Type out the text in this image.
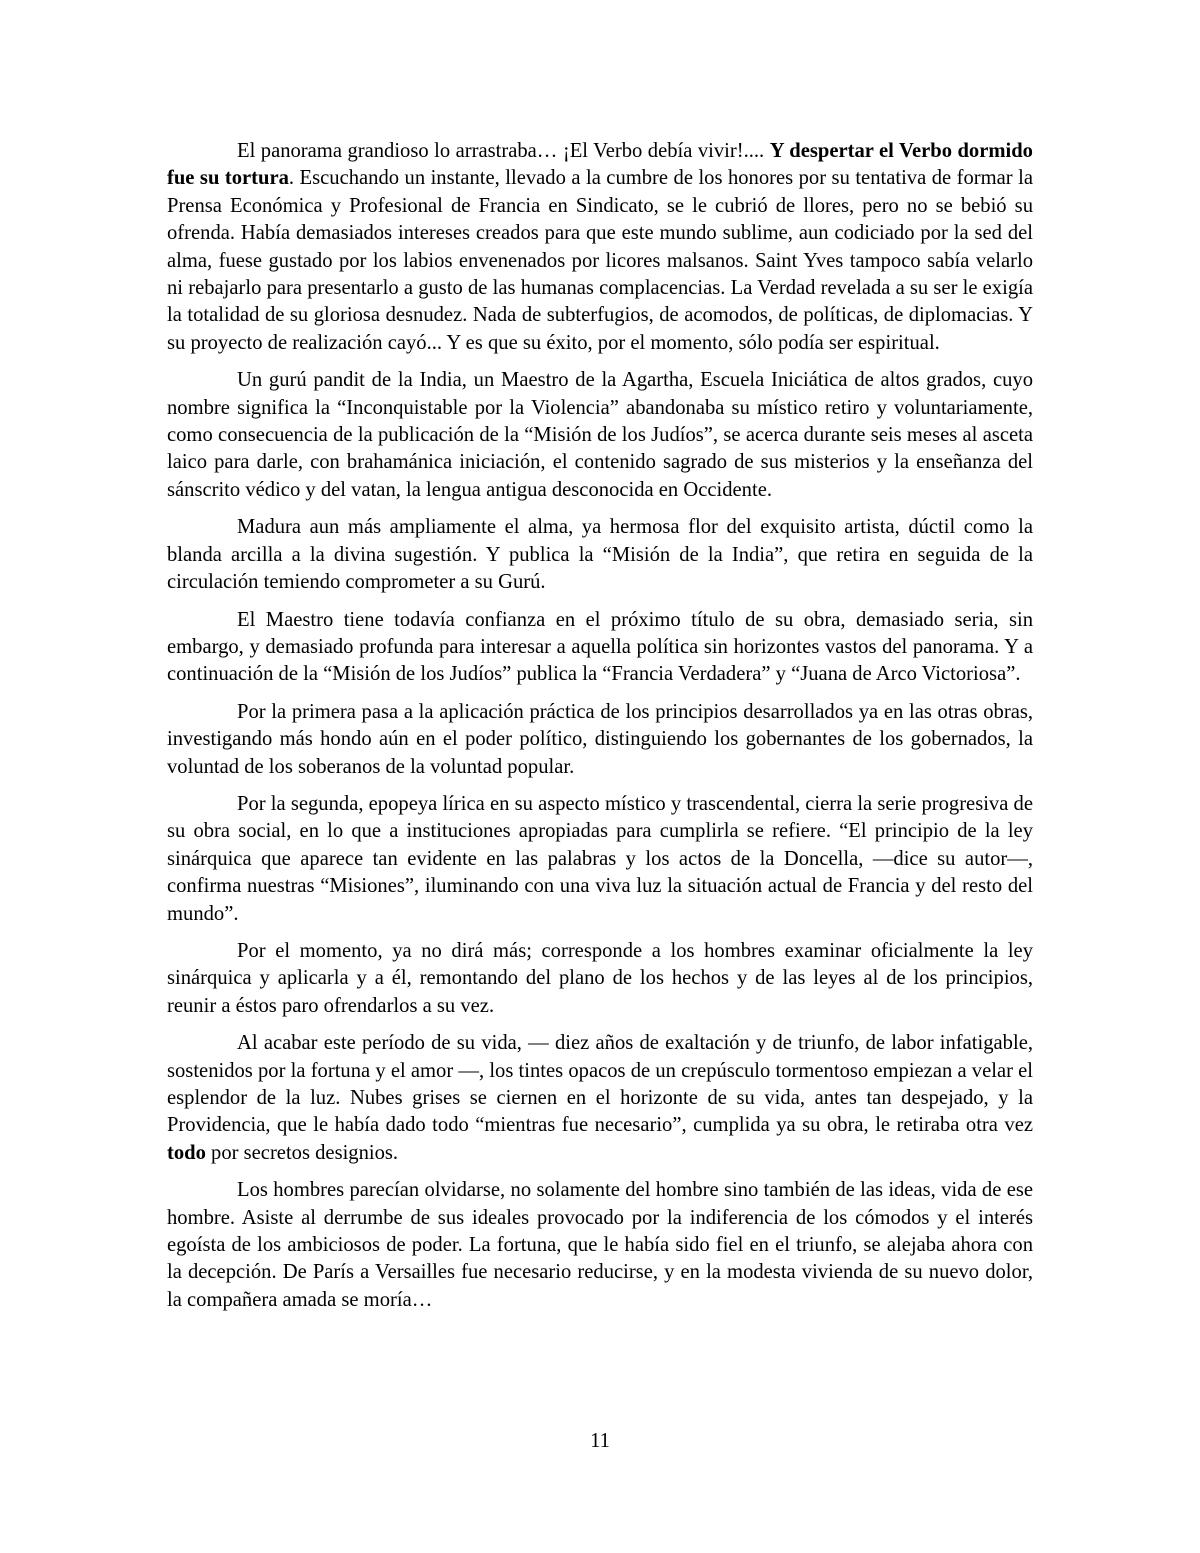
El panorama grandioso lo arrastraba… ¡El Verbo debía vivir!.... Y despertar el Verbo dormido fue su tortura. Escuchando un instante, llevado a la cumbre de los honores por su tentativa de formar la Prensa Económica y Profesional de Francia en Sindicato, se le cubrió de llores, pero no se bebió su ofrenda. Había demasiados intereses creados para que este mundo sublime, aun codiciado por la sed del alma, fuese gustado por los labios envenenados por licores malsanos. Saint Yves tampoco sabía velarlo ni rebajarlo para presentarlo a gusto de las humanas complacencias. La Verdad revelada a su ser le exigía la totalidad de su gloriosa desnudez. Nada de subterfugios, de acomodos, de políticas, de diplomacias. Y su proyecto de realización cayó... Y es que su éxito, por el momento, sólo podía ser espiritual.

Un gurú pandit de la India, un Maestro de la Agartha, Escuela Iniciática de altos grados, cuyo nombre significa la “Inconquistable por la Violencia” abandonaba su místico retiro y voluntariamente, como consecuencia de la publicación de la “Misión de los Judíos”, se acerca durante seis meses al asceta laico para darle, con brahamánica iniciación, el contenido sagrado de sus misterios y la enseñanza del sánscrito védico y del vatan, la lengua antigua desconocida en Occidente.

Madura aun más ampliamente el alma, ya hermosa flor del exquisito artista, dúctil como la blanda arcilla a la divina sugestión. Y publica la “Misión de la India”, que retira en seguida de la circulación temiendo comprometer a su Gurú.

El Maestro tiene todavía confianza en el próximo título de su obra, demasiado seria, sin embargo, y demasiado profunda para interesar a aquella política sin horizontes vastos del panorama. Y a continuación de la “Misión de los Judíos” publica la “Francia Verdadera” y “Juana de Arco Victoriosa”.

Por la primera pasa a la aplicación práctica de los principios desarrollados ya en las otras obras, investigando más hondo aún en el poder político, distinguiendo los gobernantes de los gobernados, la voluntad de los soberanos de la voluntad popular.

Por la segunda, epopeya lírica en su aspecto místico y trascendental, cierra la serie progresiva de su obra social, en lo que a instituciones apropiadas para cumplirla se refiere. “El principio de la ley sinárquica que aparece tan evidente en las palabras y los actos de la Doncella, —dice su autor—, confirma nuestras “Misiones”, iluminando con una viva luz la situación actual de Francia y del resto del mundo”.

Por el momento, ya no dirá más; corresponde a los hombres examinar oficialmente la ley sinárquica y aplicarla y a él, remontando del plano de los hechos y de las leyes al de los principios, reunir a éstos paro ofrendarlos a su vez.

Al acabar este período de su vida, — diez años de exaltación y de triunfo, de labor infatigable, sostenidos por la fortuna y el amor —, los tintes opacos de un crepúsculo tormentoso empiezan a velar el esplendor de la luz. Nubes grises se ciernen en el horizonte de su vida, antes tan despejado, y la Providencia, que le había dado todo “mientras fue necesario”, cumplida ya su obra, le retiraba otra vez todo por secretos designios.

Los hombres parecían olvidarse, no solamente del hombre sino también de las ideas, vida de ese hombre. Asiste al derrumbe de sus ideales provocado por la indiferencia de los cómodos y el interés egoísta de los ambiciosos de poder. La fortuna, que le había sido fiel en el triunfo, se alejaba ahora con la decepción. De París a Versailles fue necesario reducirse, y en la modesta vivienda de su nuevo dolor, la compañera amada se moría…

11
